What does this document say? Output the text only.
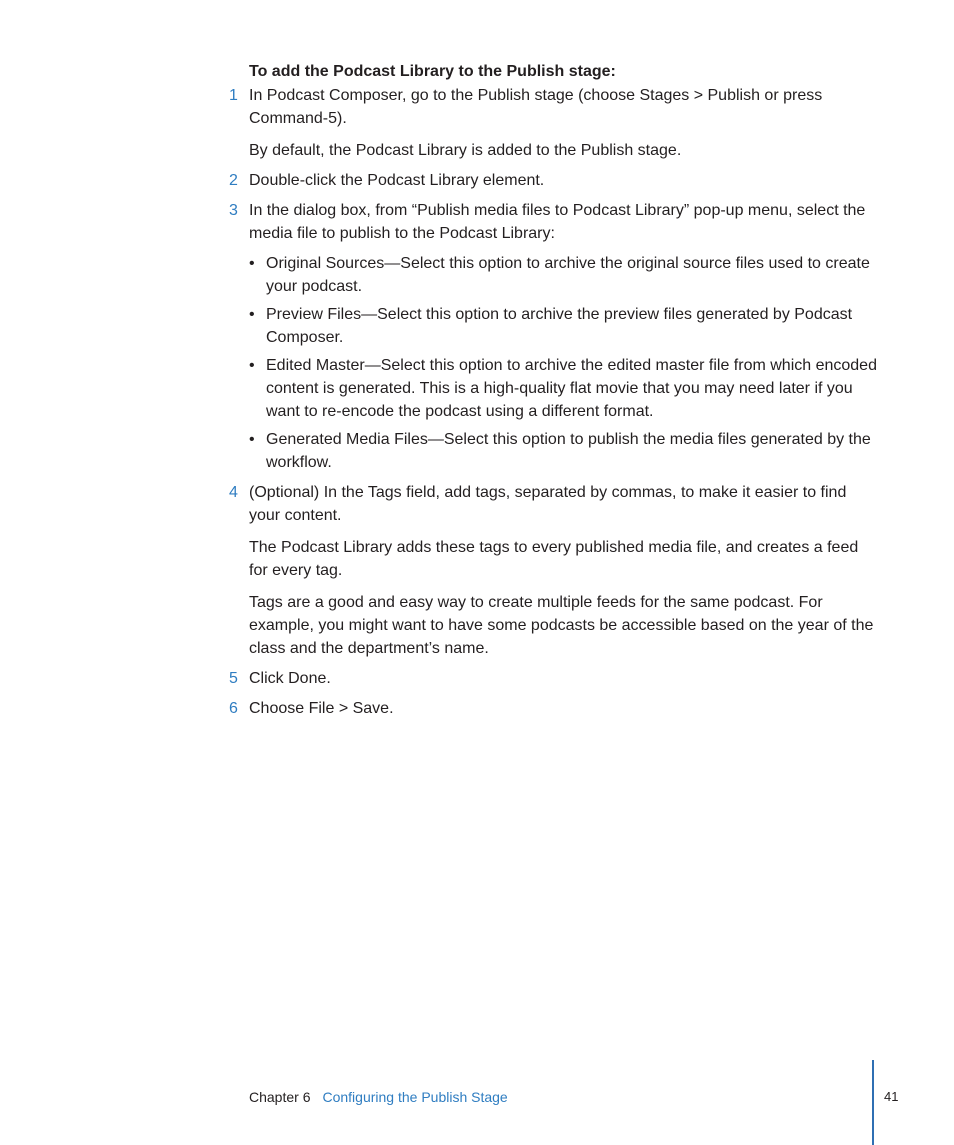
To add the Podcast Library to the Publish stage:

1 In Podcast Composer, go to the Publish stage (choose Stages > Publish or press Command-5).

By default, the Podcast Library is added to the Publish stage.

2 Double-click the Podcast Library element.

3 In the dialog box, from “Publish media files to Podcast Library” pop-up menu, select the media file to publish to the Podcast Library:

• Original Sources—Select this option to archive the original source files used to create your podcast.
• Preview Files—Select this option to archive the preview files generated by Podcast Composer.
• Edited Master—Select this option to archive the edited master file from which encoded content is generated. This is a high-quality flat movie that you may need later if you want to re-encode the podcast using a different format.
• Generated Media Files—Select this option to publish the media files generated by the workflow.

4 (Optional) In the Tags field, add tags, separated by commas, to make it easier to find your content.

The Podcast Library adds these tags to every published media file, and creates a feed for every tag.

Tags are a good and easy way to create multiple feeds for the same podcast. For example, you might want to have some podcasts be accessible based on the year of the class and the department’s name.

5 Click Done.

6 Choose File > Save.

Chapter 6 Configuring the Publish Stage	41
